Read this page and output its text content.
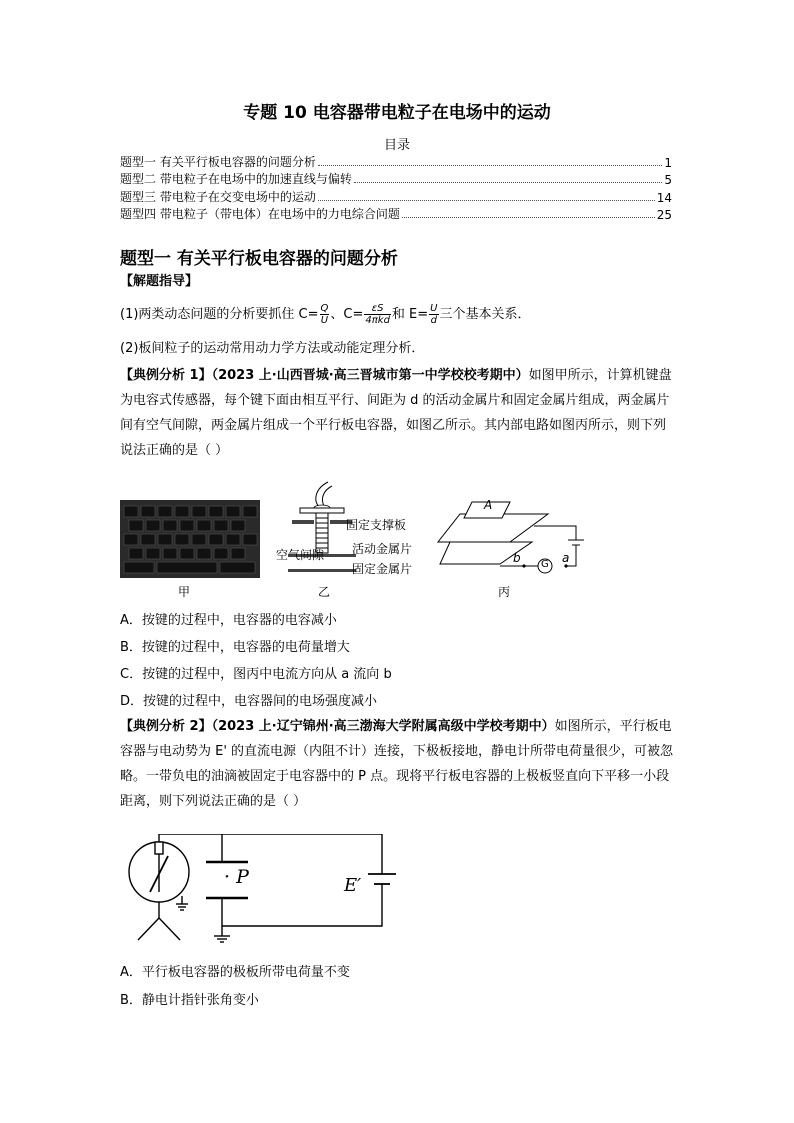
专题 10 电容器带电粒子在电场中的运动
目录
题型一 有关平行板电容器的问题分析	1
题型二 带电粒子在电场中的加速直线与偏转	5
题型三 带电粒子在交变电场中的运动	14
题型四 带电粒子（带电体）在电场中的力电综合问题	25
题型一 有关平行板电容器的问题分析
【解题指导】
(1)两类动态问题的分析要抓住 $C= \frac{Q}{U}$ 、$C= \frac{\varepsilon S}{\text{4πkd}}$ 和 $E= \frac{U}{d}$ 三个基本关系．
(2)板间粒子的运动常用动力学方法或动能定理分析．
【典例分析 1】（2023 上·山西晋城·高三晋城市第一中学校校考期中）如图甲所示，计算机键盘为电容式传感器，每个键下面由相互平行、间距为 d 的活动金属片和固定金属片组成，两金属片间有空气间隙，两金属片组成一个平行板电容器，如图乙所示。其内部电路如图丙所示，则下列说法正确的是（ ）
甲
固定支撑板
空气间隙 活动金属片
固定金属片
乙
A
b	a
G
丙
A．按键的过程中，电容器的电容减小
B．按键的过程中，电容器的电荷量增大
C．按键的过程中，图丙中电流方向从 a 流向 b
D．按键的过程中，电容器间的电场强度减小
【典例分析 2】（2023 上·辽宁锦州·高三渤海大学附属高级中学校考期中）如图所示，平行板电容器与电动势为 E' 的直流电源（内阻不计）连接，下极板接地，静电计所带电荷量很少，可被忽略。一带负电的油滴被固定于电容器中的 P 点。现将平行板电容器的上极板竖直向下平移一小段距离，则下列说法正确的是（ ）
· P	E′
A．平行板电容器的极板所带电荷量不变
B．静电计指针张角变小
